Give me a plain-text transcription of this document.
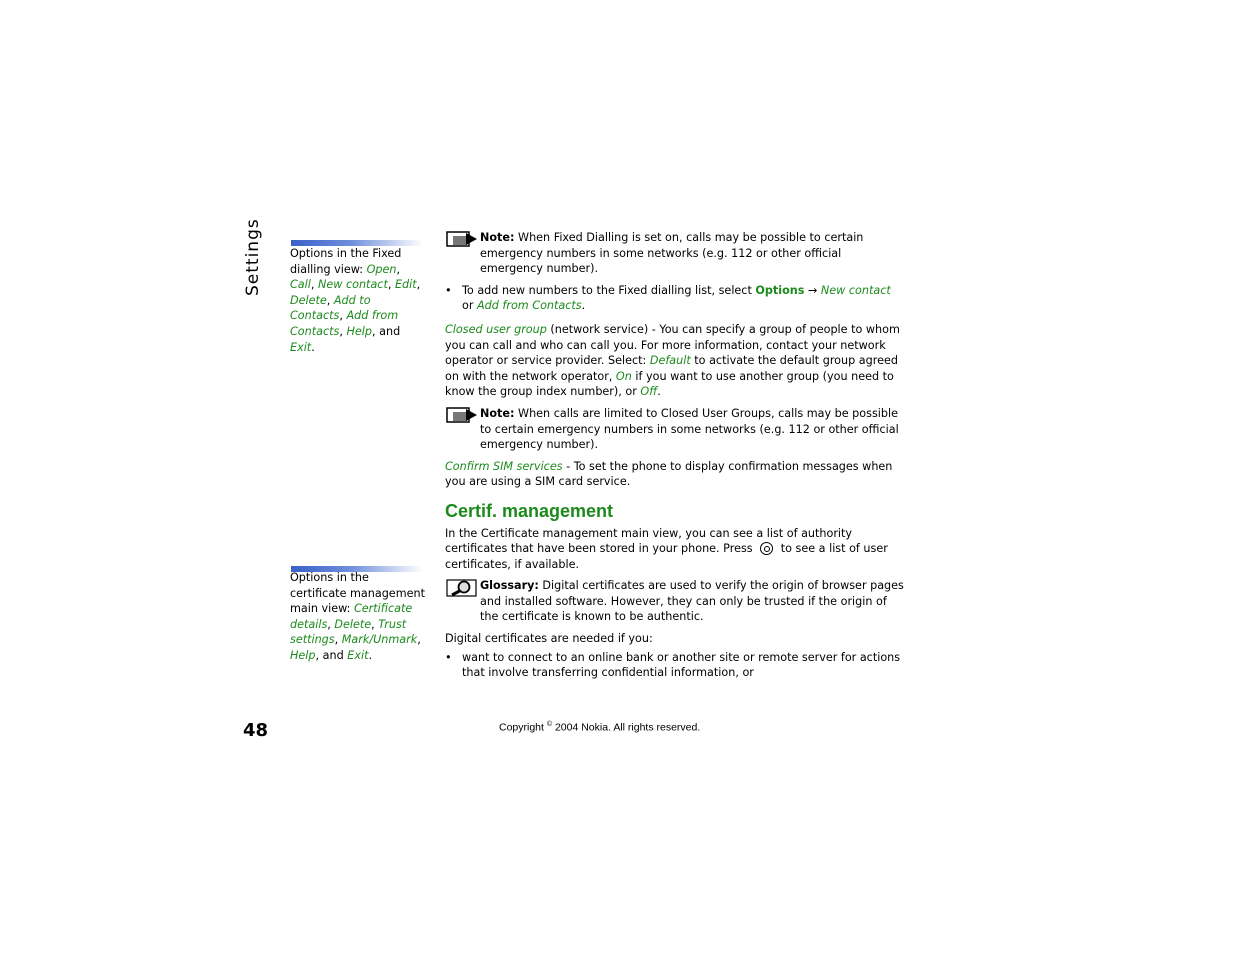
Settings Options in the Fixed dialling view: Open, Call, New contact, Edit, Delete, Add to Contacts, Add from Contacts, Help, and Exit.
Options in the certificate management main view: Certificate details, Delete, Trust settings, Mark/Unmark, Help, and Exit.
Note: When Fixed Dialling is set on, calls may be possible to certain emergency numbers in some networks (e.g. 112 or other official emergency number).
• To add new numbers to the Fixed dialling list, select Options → New contact or Add from Contacts.
Closed user group (network service) - You can specify a group of people to whom you can call and who can call you. For more information, contact your network operator or service provider. Select: Default to activate the default group agreed on with the network operator, On if you want to use another group (you need to know the group index number), or Off.
Note: When calls are limited to Closed User Groups, calls may be possible to certain emergency numbers in some networks (e.g. 112 or other official emergency number).
Confirm SIM services - To set the phone to display confirmation messages when you are using a SIM card service.
Certif. management
In the Certificate management main view, you can see a list of authority certificates that have been stored in your phone. Press  to see a list of user certificates, if available.
Glossary: Digital certificates are used to verify the origin of browser pages and installed software. However, they can only be trusted if the origin of the certificate is known to be authentic.
Digital certificates are needed if you:
• want to connect to an online bank or another site or remote server for actions that involve transferring confidential information, or
48	Copyright © 2004 Nokia. All rights reserved.
